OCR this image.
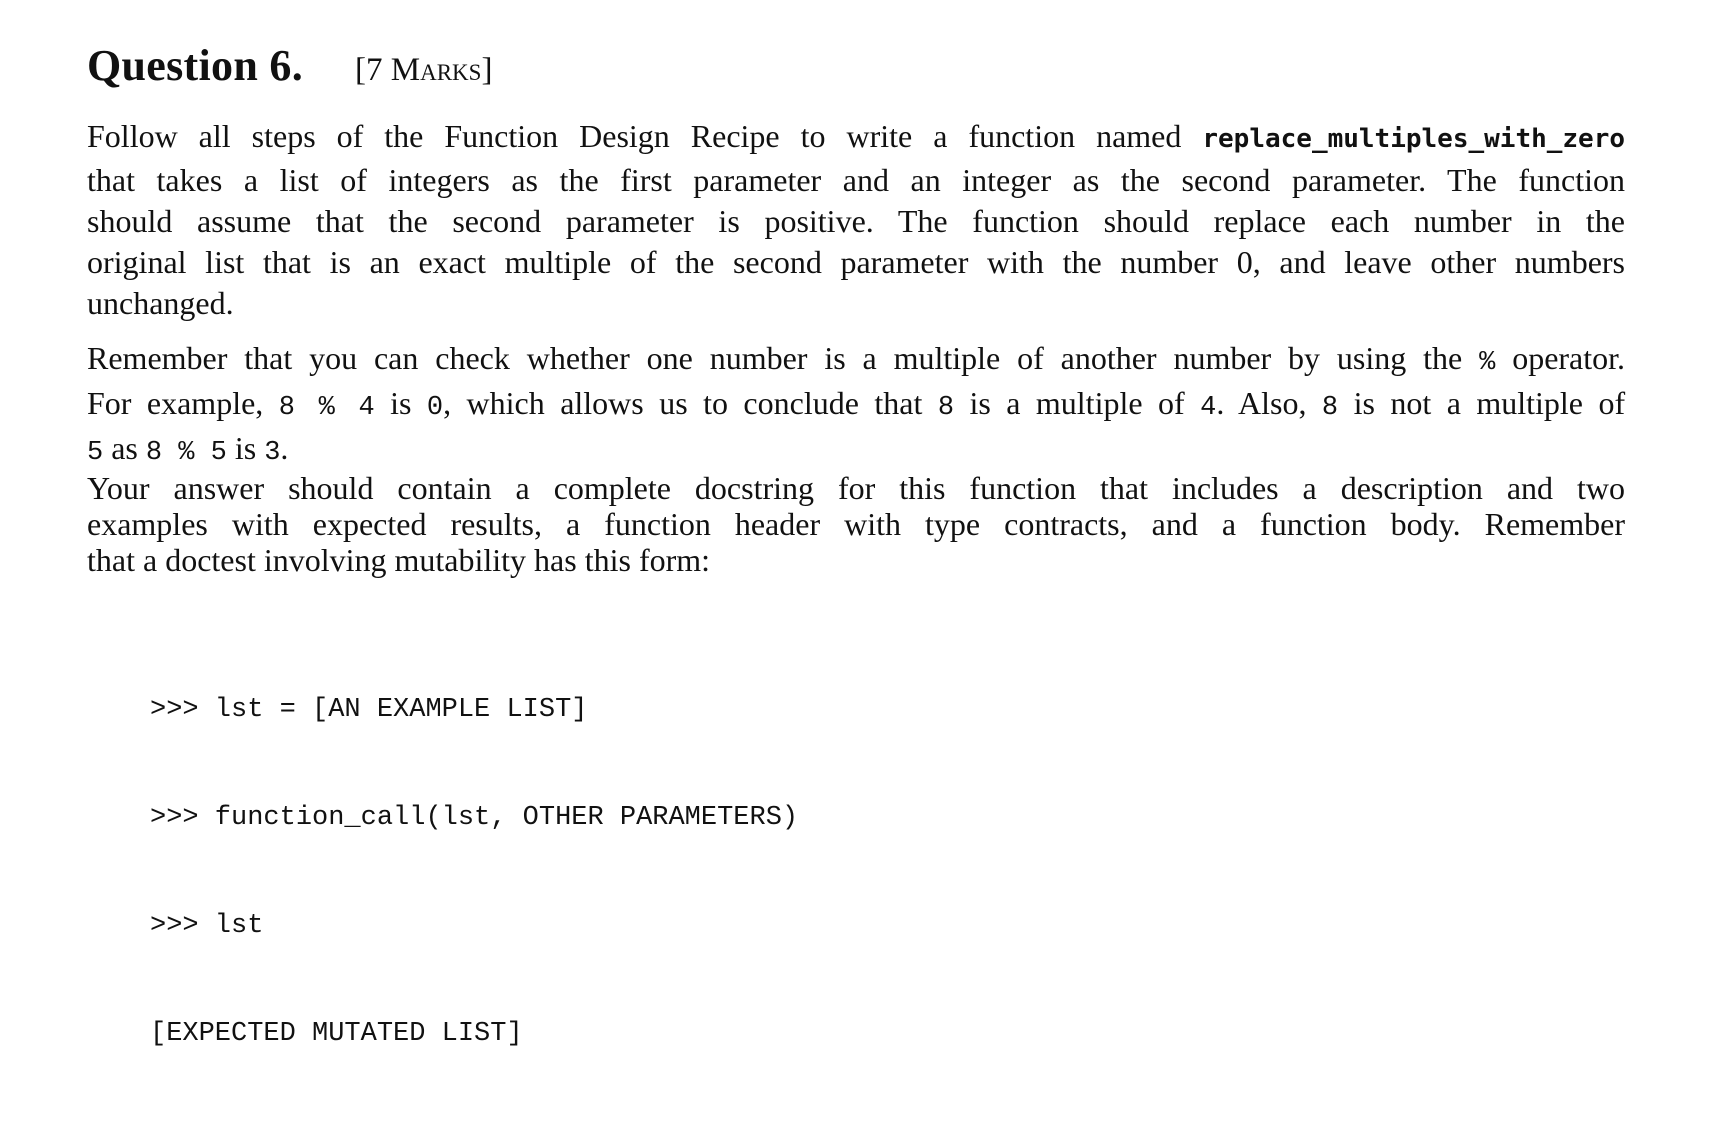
Question 6. [7 Marks]
Follow all steps of the Function Design Recipe to write a function named replace_multiples_with_zero
that takes a list of integers as the first parameter and an integer as the second parameter. The function
should assume that the second parameter is positive. The function should replace each number in the
original list that is an exact multiple of the second parameter with the number 0, and leave other numbers
unchanged.
Remember that you can check whether one number is a multiple of another number by using the % operator.
For example, 8 % 4 is 0, which allows us to conclude that 8 is a multiple of 4. Also, 8 is not a multiple of
5 as 8 % 5 is 3.
Your answer should contain a complete docstring for this function that includes a description and two
examples with expected results, a function header with type contracts, and a function body. Remember
that a doctest involving mutability has this form:

>>> lst = [AN EXAMPLE LIST]

>>> function_call(lst, OTHER PARAMETERS)

>>> lst

[EXPECTED MUTATED LIST]
